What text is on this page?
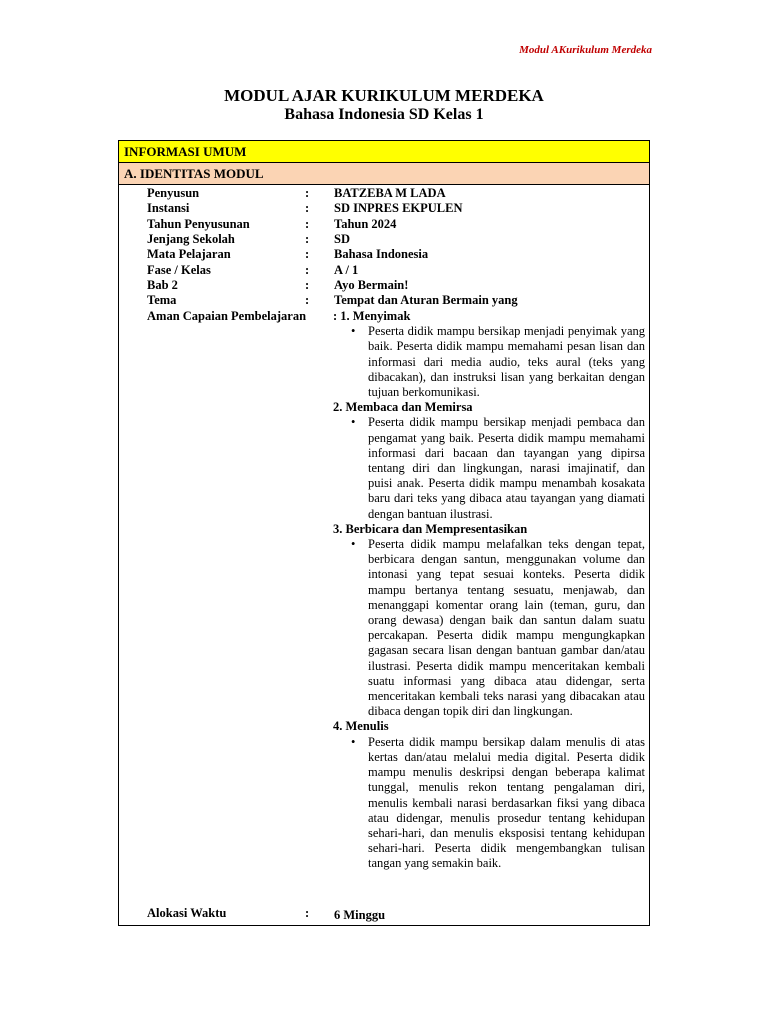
Modul AKurikulum Merdeka
MODUL AJAR KURIKULUM MERDEKA
Bahasa Indonesia SD Kelas 1
INFORMASI UMUM
A. IDENTITAS MODUL
Penyusun	: BATZEBA M LADA
Instansi	: SD INPRES EKPULEN
Tahun Penyusunan	: Tahun 2024
Jenjang Sekolah	: SD
Mata Pelajaran	: Bahasa Indonesia
Fase / Kelas	: A / 1
Bab 2	: Ayo Bermain!
Tema	: Tempat dan Aturan Bermain yang
Aman Capaian Pembelajaran : 1. Menyimak
• Peserta didik mampu bersikap menjadi penyimak yang baik. Peserta didik mampu memahami pesan lisan dan informasi dari media audio, teks aural (teks yang dibacakan), dan instruksi lisan yang berkaitan dengan tujuan berkomunikasi.
2. Membaca dan Memirsa
• Peserta didik mampu bersikap menjadi pembaca dan pengamat yang baik. Peserta didik mampu memahami informasi dari bacaan dan tayangan yang dipirsa tentang diri dan lingkungan, narasi imajinatif, dan puisi anak. Peserta didik mampu menambah kosakata baru dari teks yang dibaca atau tayangan yang diamati dengan bantuan ilustrasi.
3. Berbicara dan Mempresentasikan
• Peserta didik mampu melafalkan teks dengan tepat, berbicara dengan santun, menggunakan volume dan intonasi yang tepat sesuai konteks. Peserta didik mampu bertanya tentang sesuatu, menjawab, dan menanggapi komentar orang lain (teman, guru, dan orang dewasa) dengan baik dan santun dalam suatu percakapan. Peserta didik mampu mengungkapkan gagasan secara lisan dengan bantuan gambar dan/atau ilustrasi. Peserta didik mampu menceritakan kembali suatu informasi yang dibaca atau didengar, serta menceritakan kembali teks narasi yang dibacakan atau dibaca dengan topik diri dan lingkungan.
4. Menulis
• Peserta didik mampu bersikap dalam menulis di atas kertas dan/atau melalui media digital. Peserta didik mampu menulis deskripsi dengan beberapa kalimat tunggal, menulis rekon tentang pengalaman diri, menulis kembali narasi berdasarkan fiksi yang dibaca atau didengar, menulis prosedur tentang kehidupan sehari-hari, dan menulis eksposisi tentang kehidupan sehari-hari. Peserta didik mengembangkan tulisan tangan yang semakin baik.
Alokasi Waktu	: 6 Minggu
